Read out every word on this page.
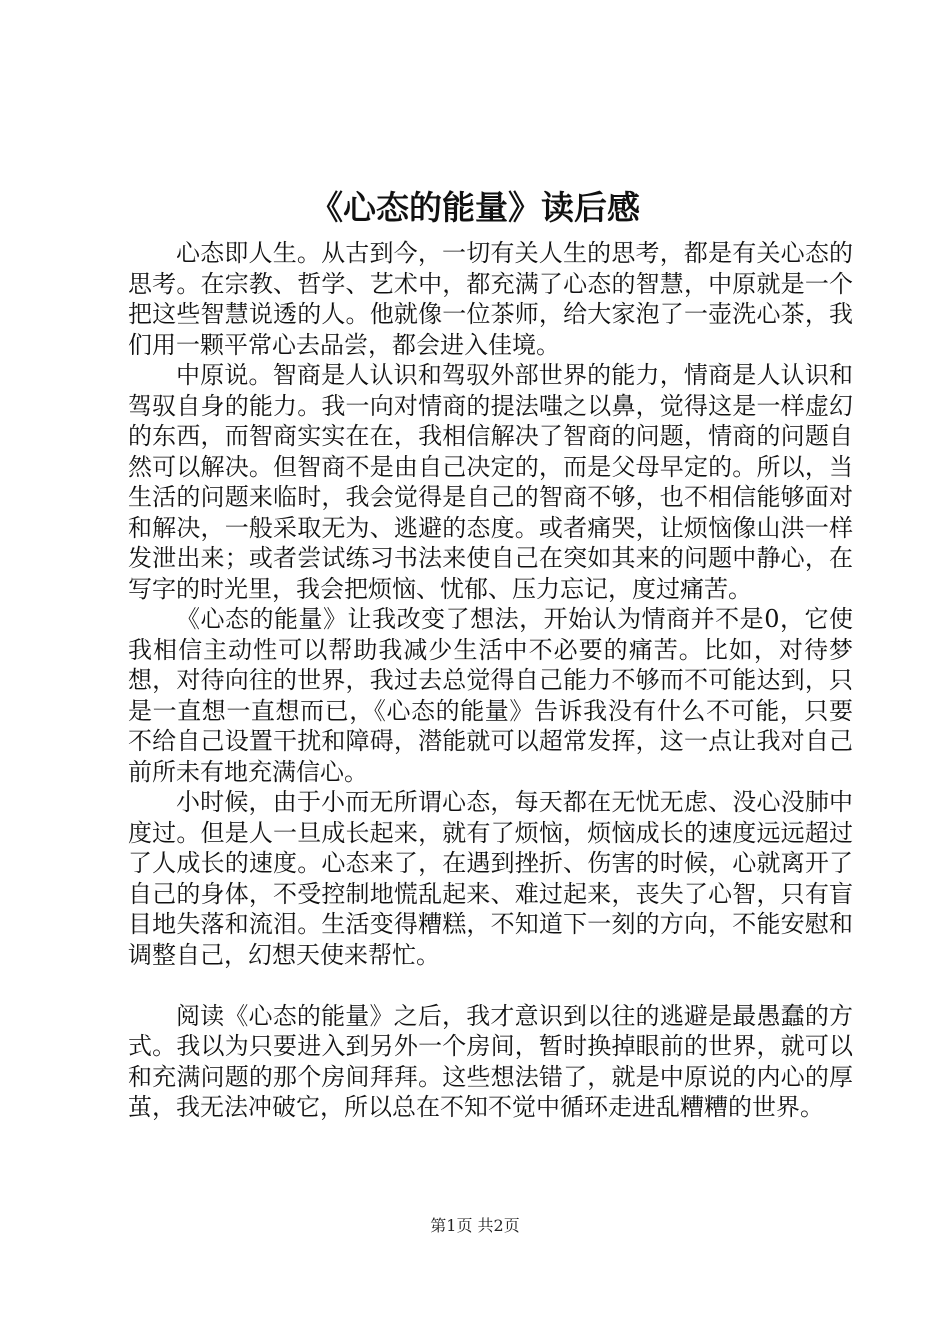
《心态的能量》读后感

心态即人生。从古到今，一切有关人生的思考，都是有关心态的思考。在宗教、哲学、艺术中，都充满了心态的智慧，中原就是一个把这些智慧说透的人。他就像一位茶师，给大家泡了一壶洗心茶，我们用一颗平常心去品尝，都会进入佳境。

中原说。智商是人认识和驾驭外部世界的能力，情商是人认识和驾驭自身的能力。我一向对情商的提法嗤之以鼻，觉得这是一样虚幻的东西，而智商实实在在，我相信解决了智商的问题，情商的问题自然可以解决。但智商不是由自己决定的，而是父母早定的。所以，当生活的问题来临时，我会觉得是自己的智商不够，也不相信能够面对和解决，一般采取无为、逃避的态度。或者痛哭，让烦恼像山洪一样发泄出来；或者尝试练习书法来使自己在突如其来的问题中静心，在写字的时光里，我会把烦恼、忧郁、压力忘记，度过痛苦。

《心态的能量》让我改变了想法，开始认为情商并不是0，它使我相信主动性可以帮助我减少生活中不必要的痛苦。比如，对待梦想，对待向往的世界，我过去总觉得自己能力不够而不可能达到，只是一直想一直想而已，《心态的能量》告诉我没有什么不可能，只要不给自己设置干扰和障碍，潜能就可以超常发挥，这一点让我对自己前所未有地充满信心。

小时候，由于小而无所谓心态，每天都在无忧无虑、没心没肺中度过。但是人一旦成长起来，就有了烦恼，烦恼成长的速度远远超过了人成长的速度。心态来了，在遇到挫折、伤害的时候，心就离开了自己的身体，不受控制地慌乱起来、难过起来，丧失了心智，只有盲目地失落和流泪。生活变得糟糕，不知道下一刻的方向，不能安慰和调整自己，幻想天使来帮忙。

阅读《心态的能量》之后，我才意识到以往的逃避是最愚蠢的方式。我以为只要进入到另外一个房间，暂时换掉眼前的世界，就可以和充满问题的那个房间拜拜。这些想法错了，就是中原说的内心的厚茧，我无法冲破它，所以总在不知不觉中循环走进乱糟糟的世界。

第1页 共2页
